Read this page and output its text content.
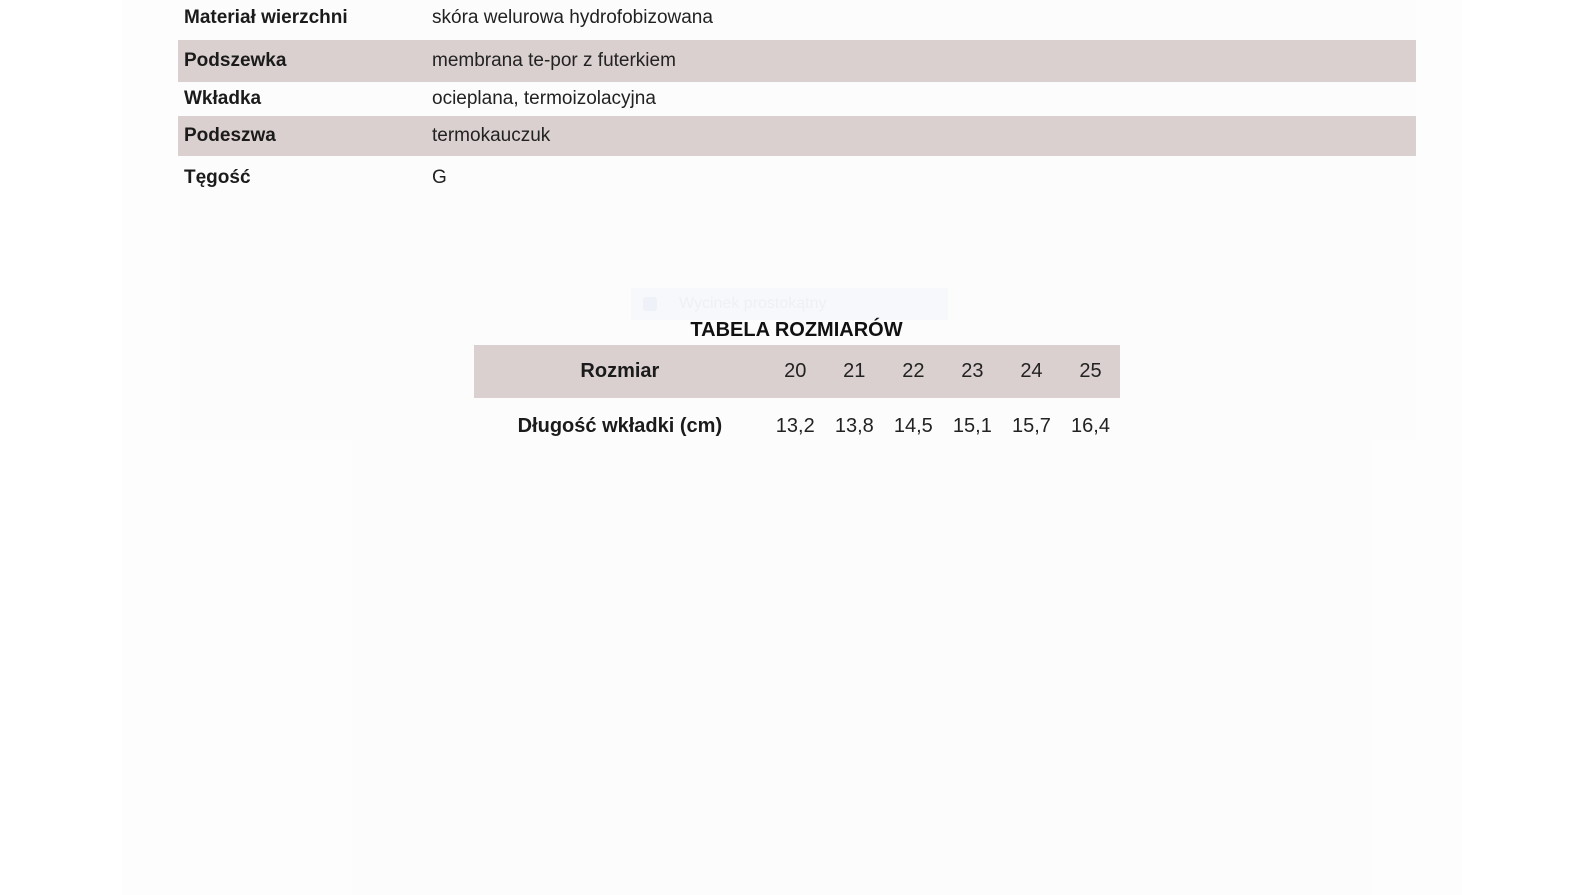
Materiał wierzchni	skóra welurowa hydrofobizowana
Podszewka	membrana te-por z futerkiem
Wkładka	ocieplana, termoizolacyjna
Podeszwa	termokauczuk
Tęgość	G
Wycinek prostokątny
TABELA ROZMIARÓW
Rozmiar	20	21	22	23	24	25
Długość wkładki (cm)	13,2	13,8	14,5	15,1	15,7	16,4
